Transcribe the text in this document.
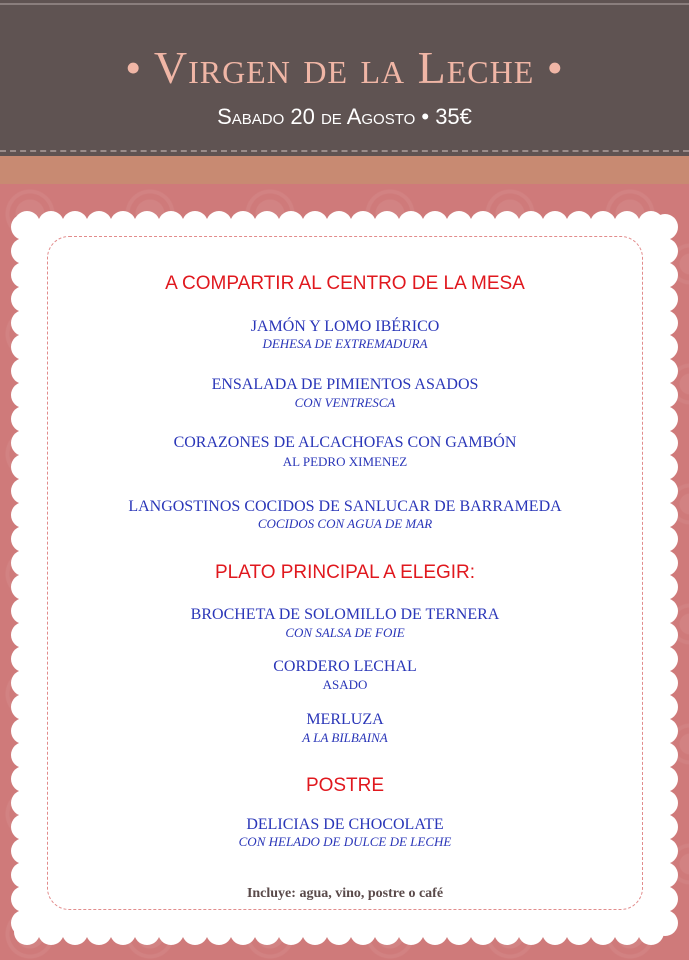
• Virgen de la Leche •
Sabado 20 de Agosto • 35€
A COMPARTIR AL CENTRO DE LA MESA
JAMÓN Y LOMO IBÉRICO
DEHESA DE EXTREMADURA
ENSALADA DE PIMIENTOS ASADOS
CON VENTRESCA
CORAZONES DE ALCACHOFAS CON GAMBÓN
AL PEDRO XIMENEZ
LANGOSTINOS COCIDOS DE SANLUCAR DE BARRAMEDA
COCIDOS CON AGUA DE MAR
PLATO PRINCIPAL A ELEGIR:
BROCHETA DE SOLOMILLO DE TERNERA
CON SALSA DE FOIE
CORDERO LECHAL
ASADO
MERLUZA
A LA BILBAINA
POSTRE
DELICIAS DE CHOCOLATE
CON HELADO DE DULCE DE LECHE
Incluye: agua, vino, postre o café
